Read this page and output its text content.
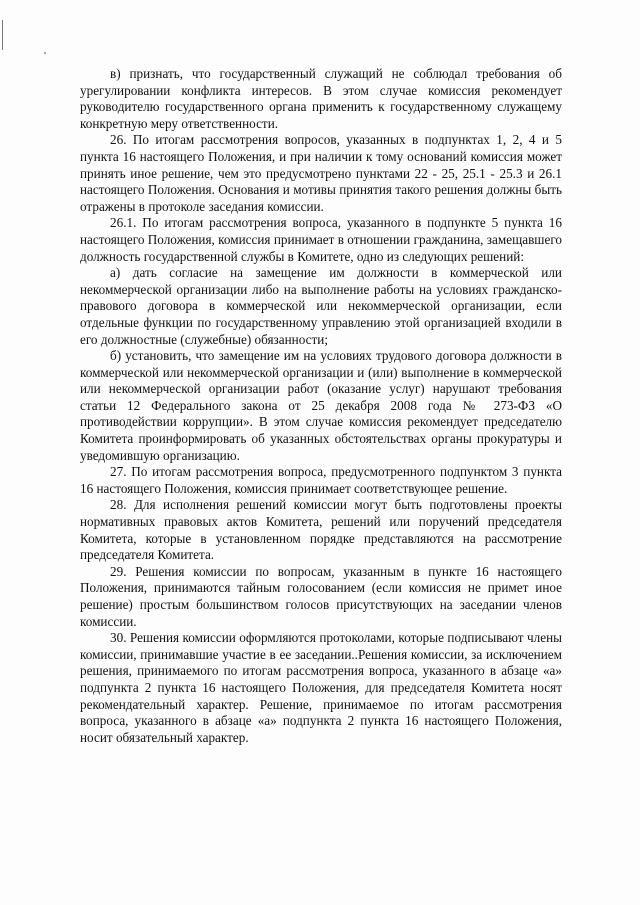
в) признать, что государственный служащий не соблюдал требования об урегулировании конфликта интересов. В этом случае комиссия рекомендует руководителю государственного органа применить к государственному служащему конкретную меру ответственности.

26. По итогам рассмотрения вопросов, указанных в подпунктах 1, 2, 4 и 5 пункта 16 настоящего Положения, и при наличии к тому оснований комиссия может принять иное решение, чем это предусмотрено пунктами 22 - 25, 25.1 - 25.3 и 26.1 настоящего Положения. Основания и мотивы принятия такого решения должны быть отражены в протоколе заседания комиссии.

26.1. По итогам рассмотрения вопроса, указанного в подпункте 5 пункта 16 настоящего Положения, комиссия принимает в отношении гражданина, замещавшего должность государственной службы в Комитете, одно из следующих решений:

а) дать согласие на замещение им должности в коммерческой или некоммерческой организации либо на выполнение работы на условиях гражданско-правового договора в коммерческой или некоммерческой организации, если отдельные функции по государственному управлению этой организацией входили в его должностные (служебные) обязанности;

б) установить, что замещение им на условиях трудового договора должности в коммерческой или некоммерческой организации и (или) выполнение в коммерческой или некоммерческой организации работ (оказание услуг) нарушают требования статьи 12 Федерального закона от 25 декабря 2008 года № 273-ФЗ «О противодействии коррупции». В этом случае комиссия рекомендует председателю Комитета проинформировать об указанных обстоятельствах органы прокуратуры и уведомившую организацию.

27. По итогам рассмотрения вопроса, предусмотренного подпунктом 3 пункта 16 настоящего Положения, комиссия принимает соответствующее решение.

28. Для исполнения решений комиссии могут быть подготовлены проекты нормативных правовых актов Комитета, решений или поручений председателя Комитета, которые в установленном порядке представляются на рассмотрение председателя Комитета.

29. Решения комиссии по вопросам, указанным в пункте 16 настоящего Положения, принимаются тайным голосованием (если комиссия не примет иное решение) простым большинством голосов присутствующих на заседании членов комиссии.

30. Решения комиссии оформляются протоколами, которые подписывают члены комиссии, принимавшие участие в ее заседании..Решения комиссии, за исключением решения, принимаемого по итогам рассмотрения вопроса, указанного в абзаце «а» подпункта 2 пункта 16 настоящего Положения, для председателя Комитета носят рекомендательный характер. Решение, принимаемое по итогам рассмотрения вопроса, указанного в абзаце «а» подпункта 2 пункта 16 настоящего Положения, носит обязательный характер.
